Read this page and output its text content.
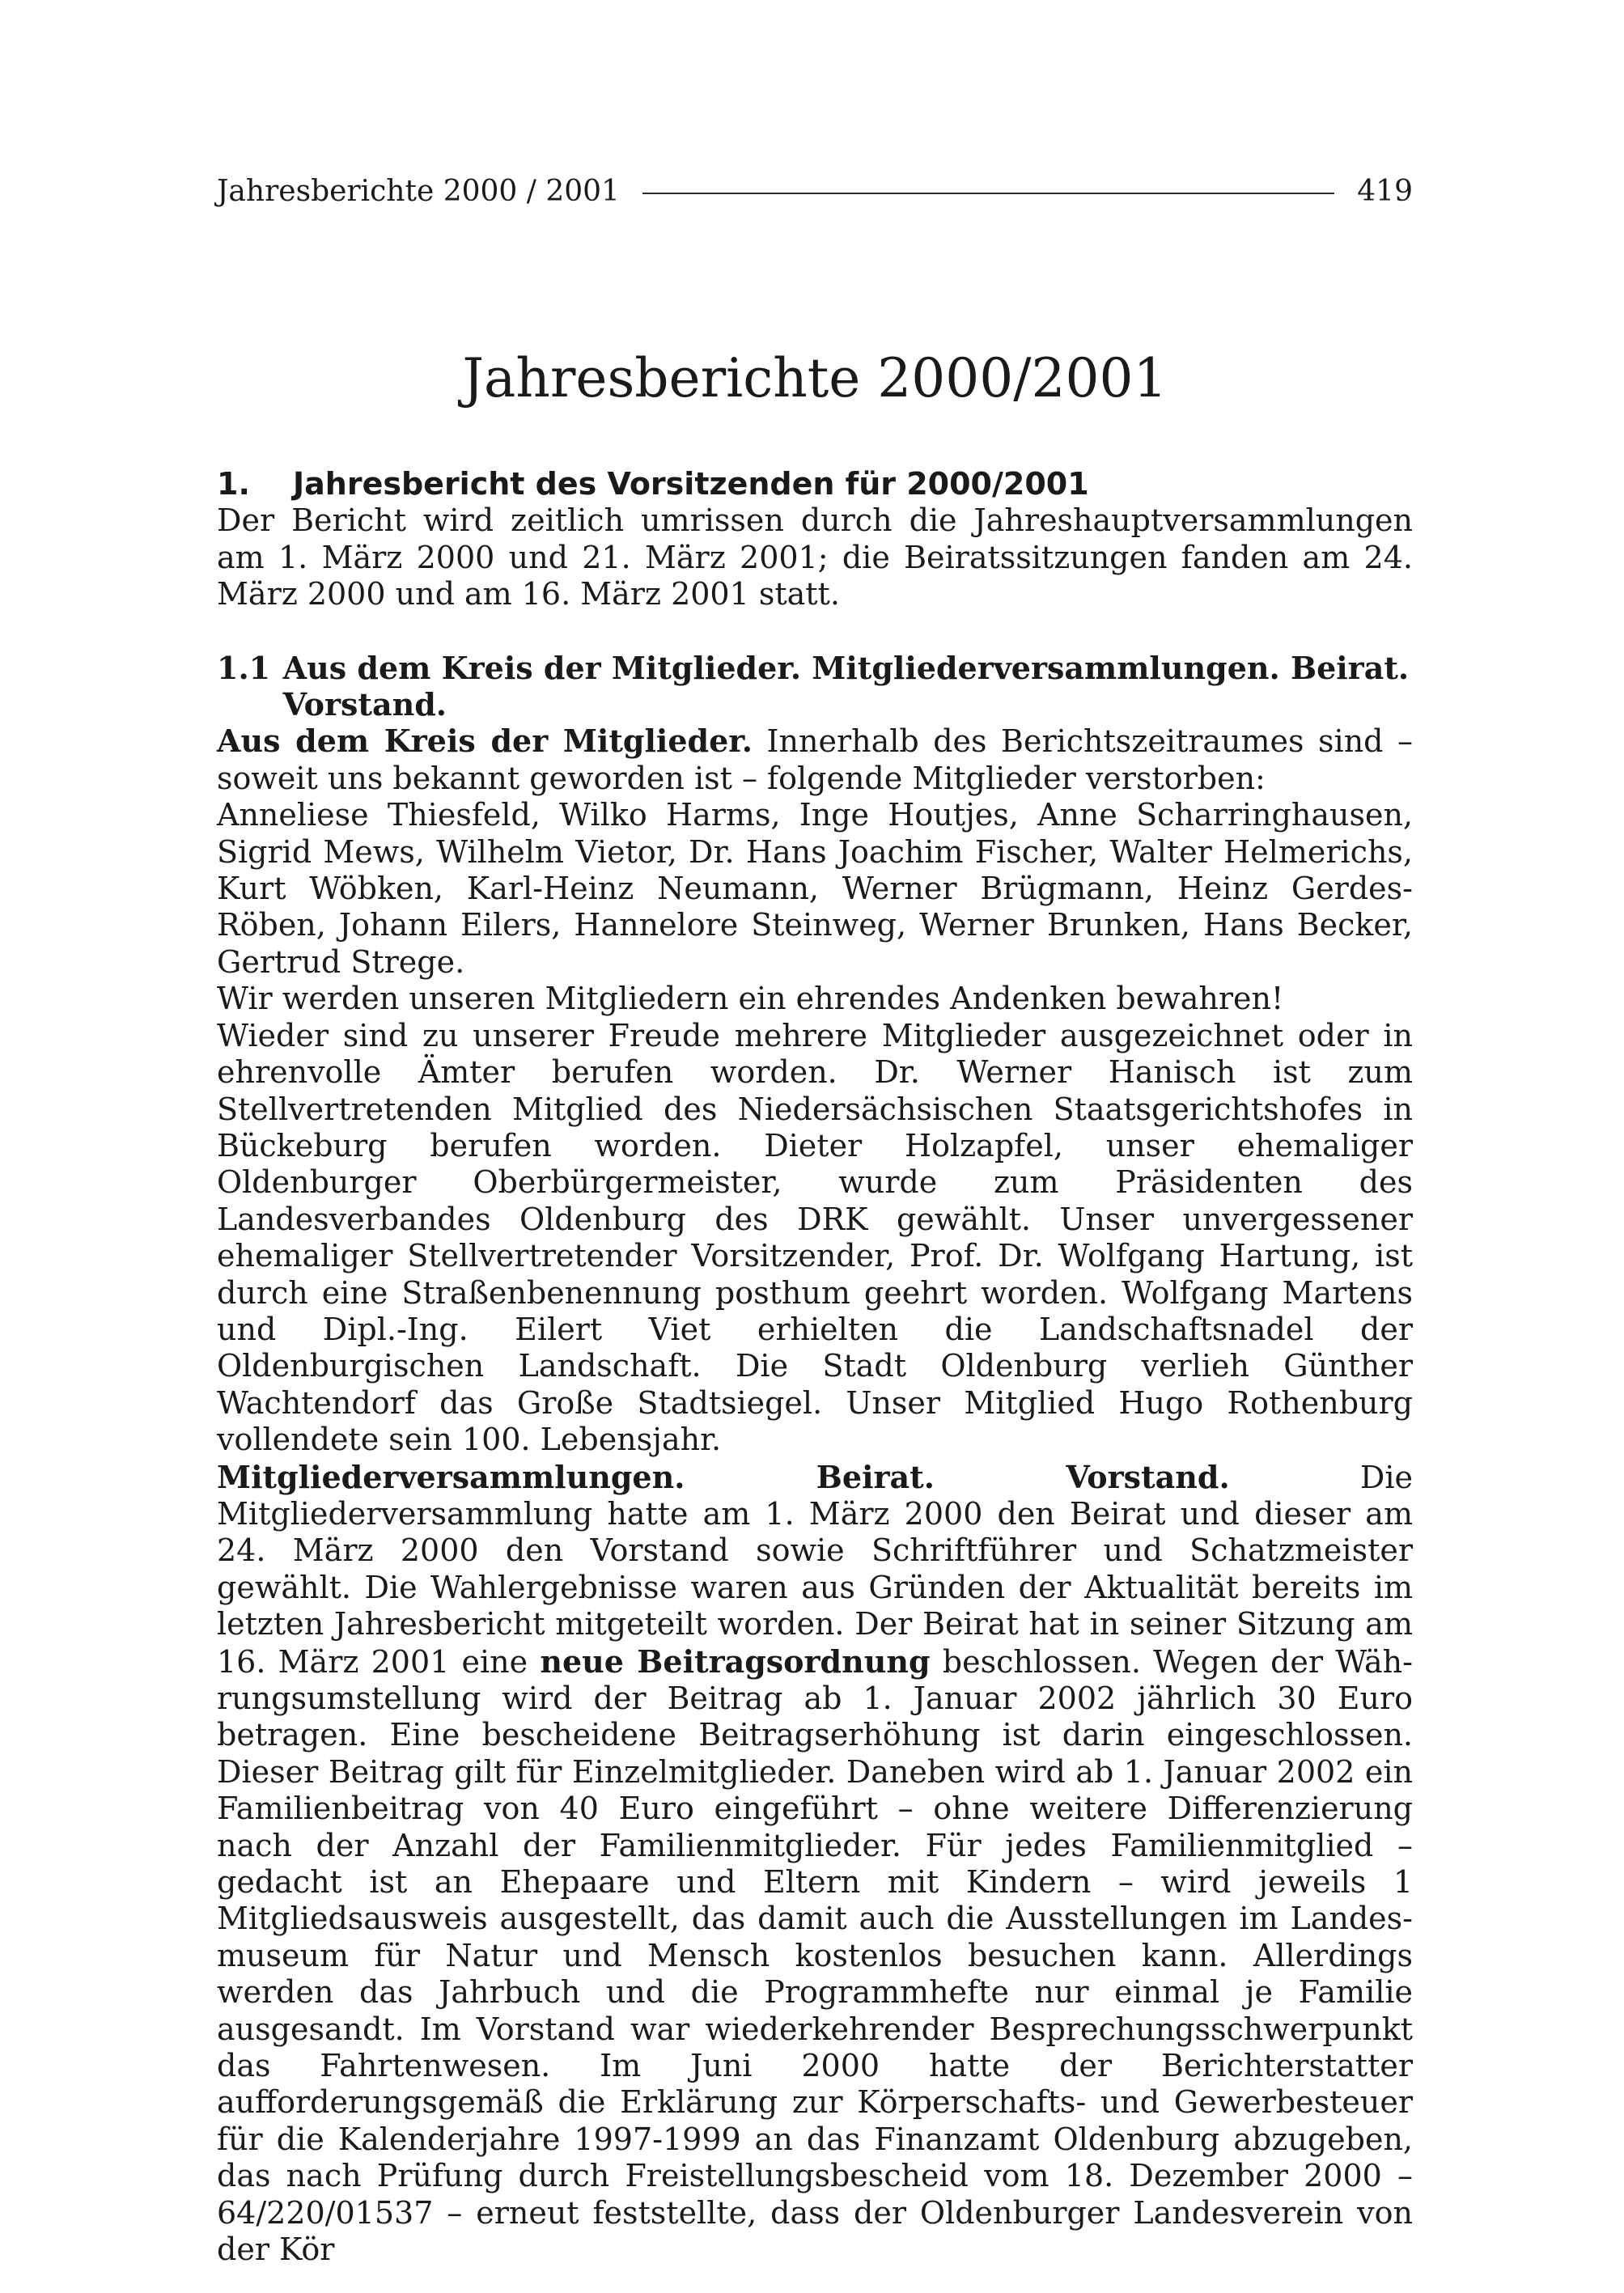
Jahresberichte 2000 / 2001	419
Jahresberichte 2000/2001
1.	Jahresbericht des Vorsitzenden für 2000/2001

Der Bericht wird zeitlich umrissen durch die Jahreshauptversammlungen am 1. März 2000 und 21. März 2001; die Beiratssitzungen fanden am 24. März 2000 und am 16. März 2001 statt.

1.1 Aus dem Kreis der Mitglieder. Mitgliederversammlungen. Beirat. Vorstand.

Aus dem Kreis der Mitglieder. Innerhalb des Berichtszeitraumes sind – soweit uns bekannt geworden ist – folgende Mitglieder verstorben:

Anneliese Thiesfeld, Wilko Harms, Inge Houtjes, Anne Scharringhausen, Sigrid Mews, Wilhelm Vietor, Dr. Hans Joachim Fischer, Walter Helmerichs, Kurt Wöbken, Karl-Heinz Neumann, Werner Brügmann, Heinz Gerdes-Röben, Johann Eilers, Hannelore Steinweg, Werner Brunken, Hans Becker, Gertrud Strege.

Wir werden unseren Mitgliedern ein ehrendes Andenken bewahren!

Wieder sind zu unserer Freude mehrere Mitglieder ausgezeichnet oder in ehrenvolle Ämter berufen worden. Dr. Werner Hanisch ist zum Stellvertretenden Mitglied des Niedersächsischen Staatsgerichtshofes in Bückeburg berufen worden. Dieter Holzapfel, unser ehemaliger Oldenburger Oberbürgermeister, wurde zum Präsidenten des Landesverbandes Oldenburg des DRK gewählt. Unser unvergessener ehemaliger Stellvertretender Vorsitzender, Prof. Dr. Wolfgang Hartung, ist durch eine Straßenbenennung posthum geehrt worden. Wolfgang Martens und Dipl.-Ing. Eilert Viet erhielten die Landschaftsnadel der Oldenburgischen Landschaft. Die Stadt Oldenburg verlieh Günther Wachtendorf das Große Stadtsiegel. Unser Mitglied Hugo Rothenburg vollendete sein 100. Lebensjahr.

Mitgliederversammlungen. Beirat. Vorstand. Die Mitgliederversammlung hatte am 1. März 2000 den Beirat und dieser am 24. März 2000 den Vorstand sowie Schriftführer und Schatzmeister gewählt. Die Wahlergebnisse waren aus Gründen der Aktualität bereits im letzten Jahresbericht mitgeteilt worden. Der Beirat hat in seiner Sitzung am 16. März 2001 eine neue Beitragsordnung beschlossen. Wegen der Währungsumstellung wird der Beitrag ab 1. Januar 2002 jährlich 30 Euro betragen. Eine bescheidene Beitragserhöhung ist darin eingeschlossen. Dieser Beitrag gilt für Einzelmitglieder. Daneben wird ab 1. Januar 2002 ein Familienbeitrag von 40 Euro eingeführt – ohne weitere Differenzierung nach der Anzahl der Familienmitglieder. Für jedes Familienmitglied – gedacht ist an Ehepaare und Eltern mit Kindern – wird jeweils 1 Mitgliedsausweis ausgestellt, das damit auch die Ausstellungen im Landesmuseum für Natur und Mensch kostenlos besuchen kann. Allerdings werden das Jahrbuch und die Programmhefte nur einmal je Familie ausgesandt. Im Vorstand war wiederkehrender Besprechungsschwerpunkt das Fahrtenwesen. Im Juni 2000 hatte der Berichterstatter aufforderungsgemäß die Erklärung zur Körperschafts- und Gewerbesteuer für die Kalenderjahre 1997-1999 an das Finanzamt Oldenburg abzugeben, das nach Prüfung durch Freistellungsbescheid vom 18. Dezember 2000 – 64/220/01537 – erneut feststellte, dass der Oldenburger Landesverein von der Kör
